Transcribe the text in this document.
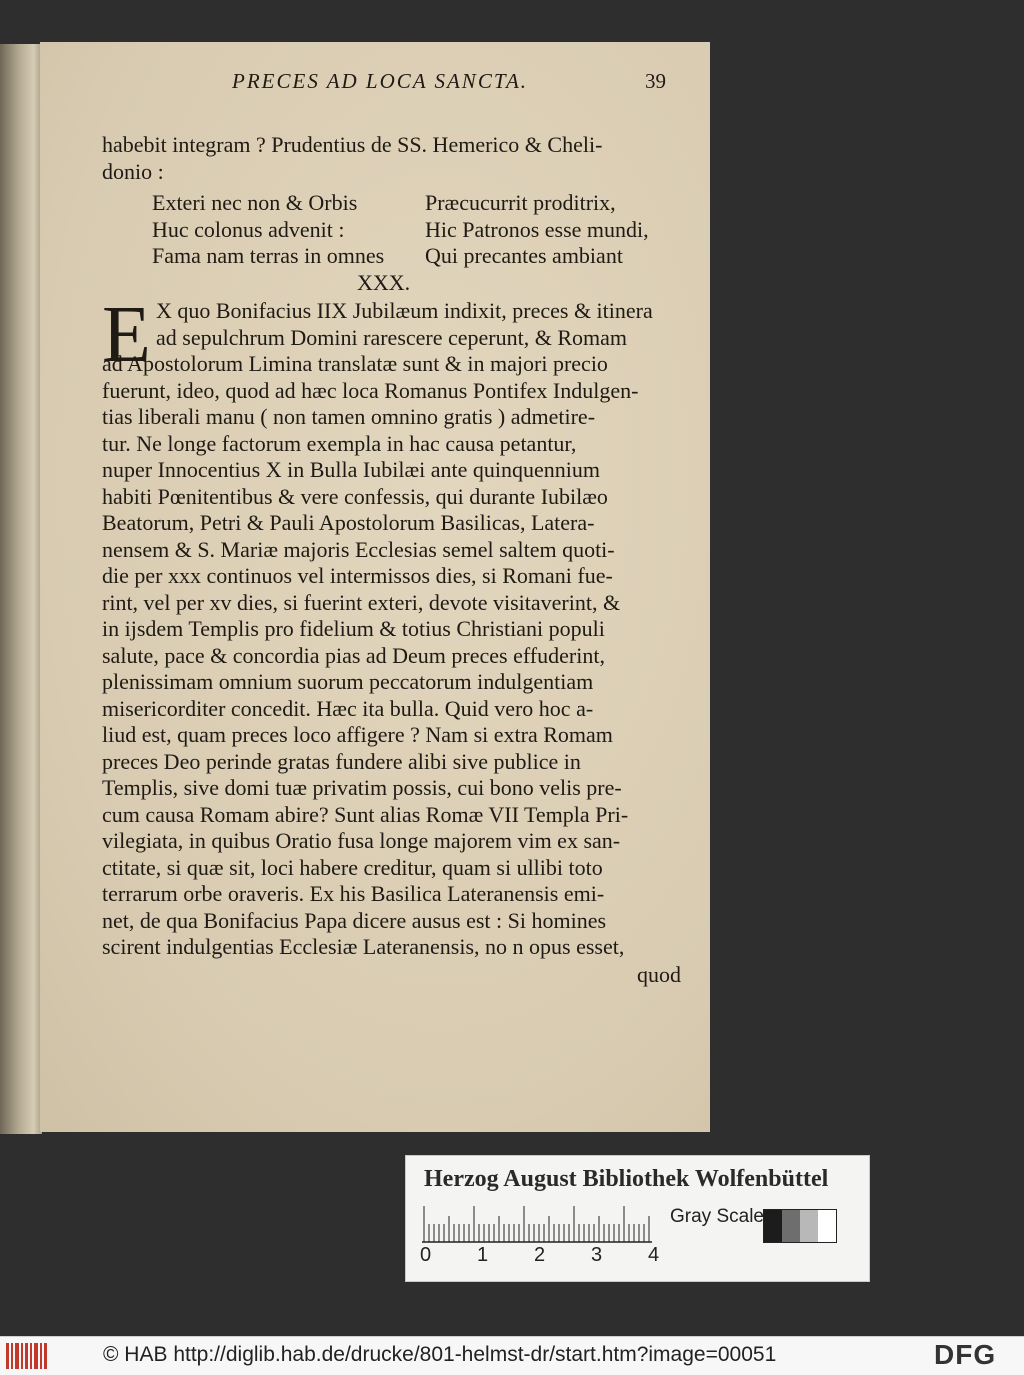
PRECES AD LOCA SANCTA.	39
habebit integram ? Prudentius de SS. Hemerico & Cheli-
donio :
Exteri nec non & Orbis
Huc colonus advenit :
Fama nam terras in omnes
Præcucurrit proditrix,
Hic Patronos esse mundi,
Qui precantes ambiant
XXX.
E X quo Bonifacius IIX Jubilæum indixit, preces & itinera
ad sepulchrum Domini rarescere ceperunt, & Romam
ad Apostolorum Limina translatæ sunt & in majori precio
fuerunt, ideo, quod ad hæc loca Romanus Pontifex Indulgen-
tias liberali manu ( non tamen omnino gratis ) admetire-
tur. Ne longe factorum exempla in hac causa petantur,
nuper Innocentius X in Bulla Iubilæi ante quinquennium
habiti Pœnitentibus & vere confessis, qui durante Iubilæo
Beatorum, Petri & Pauli Apostolorum Basilicas, Latera-
nensem & S. Mariæ majoris Ecclesias semel saltem quoti-
die per xxx continuos vel intermissos dies, si Romani fue-
rint, vel per xv dies, si fuerint exteri, devote visitaverint, &
in ijsdem Templis pro fidelium & totius Christiani populi
salute, pace & concordia pias ad Deum preces effuderint,
plenissimam omnium suorum peccatorum indulgentiam
misericorditer concedit. Hæc ita bulla. Quid vero hoc a-
liud est, quam preces loco affigere ? Nam si extra Romam
preces Deo perinde gratas fundere alibi sive publice in
Templis, sive domi tuæ privatim possis, cui bono velis pre-
cum causa Romam abire? Sunt alias Romæ VII Templa Pri-
vilegiata, in quibus Oratio fusa longe majorem vim ex san-
ctitate, si quæ sit, loci habere creditur, quam si ullibi toto
terrarum orbe oraveris. Ex his Basilica Lateranensis emi-
net, de qua Bonifacius Papa dicere ausus est : Si homines
scirent indulgentias Ecclesiæ Lateranensis, no n opus esset,
quod
Herzog August Bibliothek Wolfenbüttel
Gray Scale
0 1 2 3 4
© HAB http://diglib.hab.de/drucke/801-helmst-dr/start.htm?image=00051	DFG
